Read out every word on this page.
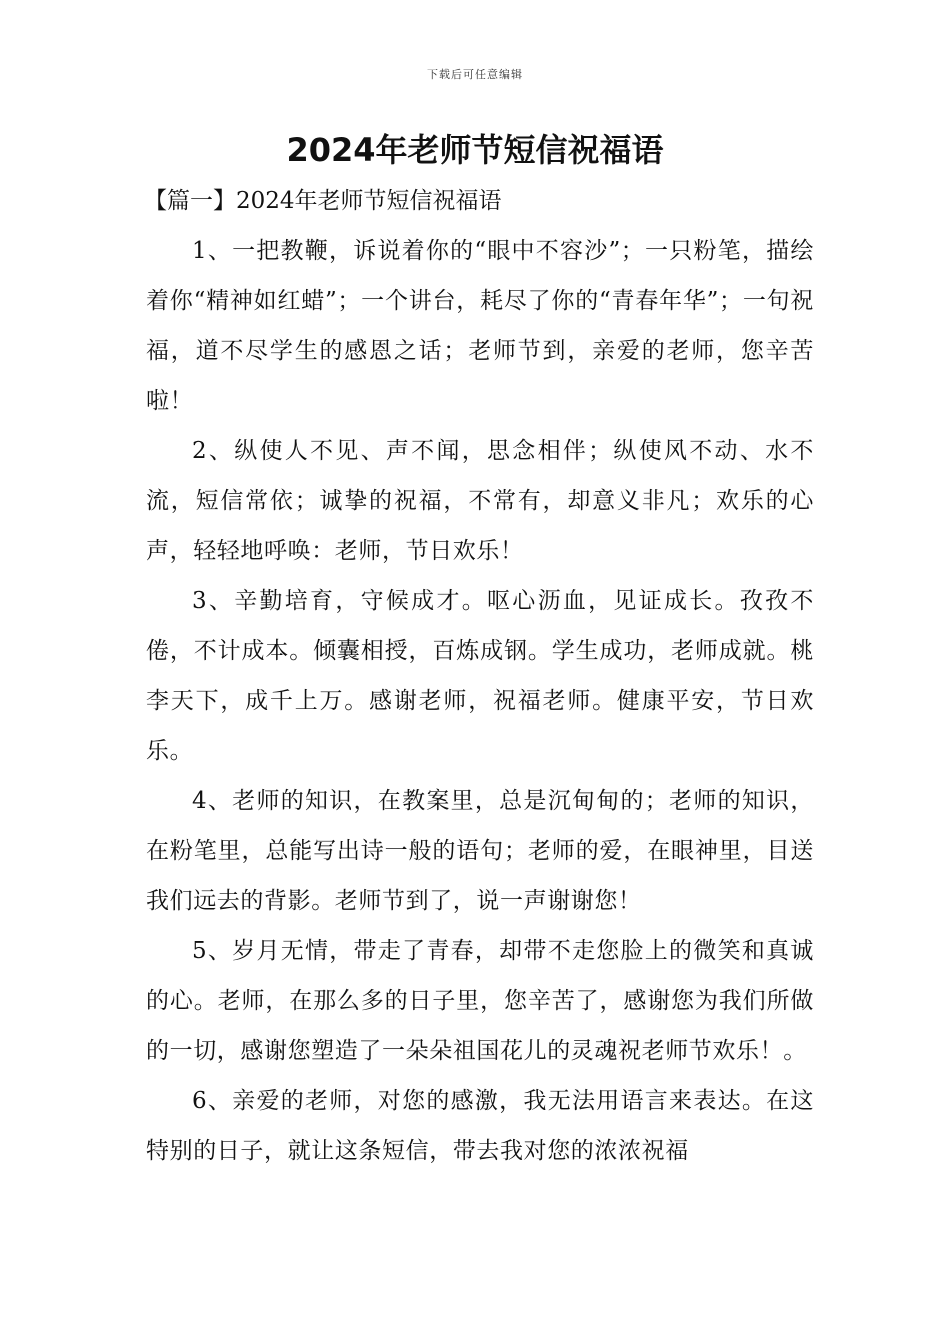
下载后可任意编辑
2024年老师节短信祝福语

【篇一】2024年老师节短信祝福语

1、一把教鞭，诉说着你的“眼中不容沙”；一只粉笔，描绘着你“精神如红蜡”；一个讲台，耗尽了你的“青春年华”；一句祝福，道不尽学生的感恩之话；老师节到，亲爱的老师，您辛苦啦！

2、纵使人不见、声不闻，思念相伴；纵使风不动、水不流，短信常依；诚挚的祝福，不常有，却意义非凡；欢乐的心声，轻轻地呼唤：老师，节日欢乐！

3、辛勤培育，守候成才。呕心沥血，见证成长。孜孜不倦，不计成本。倾囊相授，百炼成钢。学生成功，老师成就。桃李天下，成千上万。感谢老师，祝福老师。健康平安，节日欢乐。

4、老师的知识，在教案里，总是沉甸甸的；老师的知识，在粉笔里，总能写出诗一般的语句；老师的爱，在眼神里，目送我们远去的背影。老师节到了，说一声谢谢您！

5、岁月无情，带走了青春，却带不走您脸上的微笑和真诚的心。老师，在那么多的日子里，您辛苦了，感谢您为我们所做的一切，感谢您塑造了一朵朵祖国花儿的灵魂祝老师节欢乐！。

6、亲爱的老师，对您的感激，我无法用语言来表达。在这特别的日子，就让这条短信，带去我对您的浓浓祝福
